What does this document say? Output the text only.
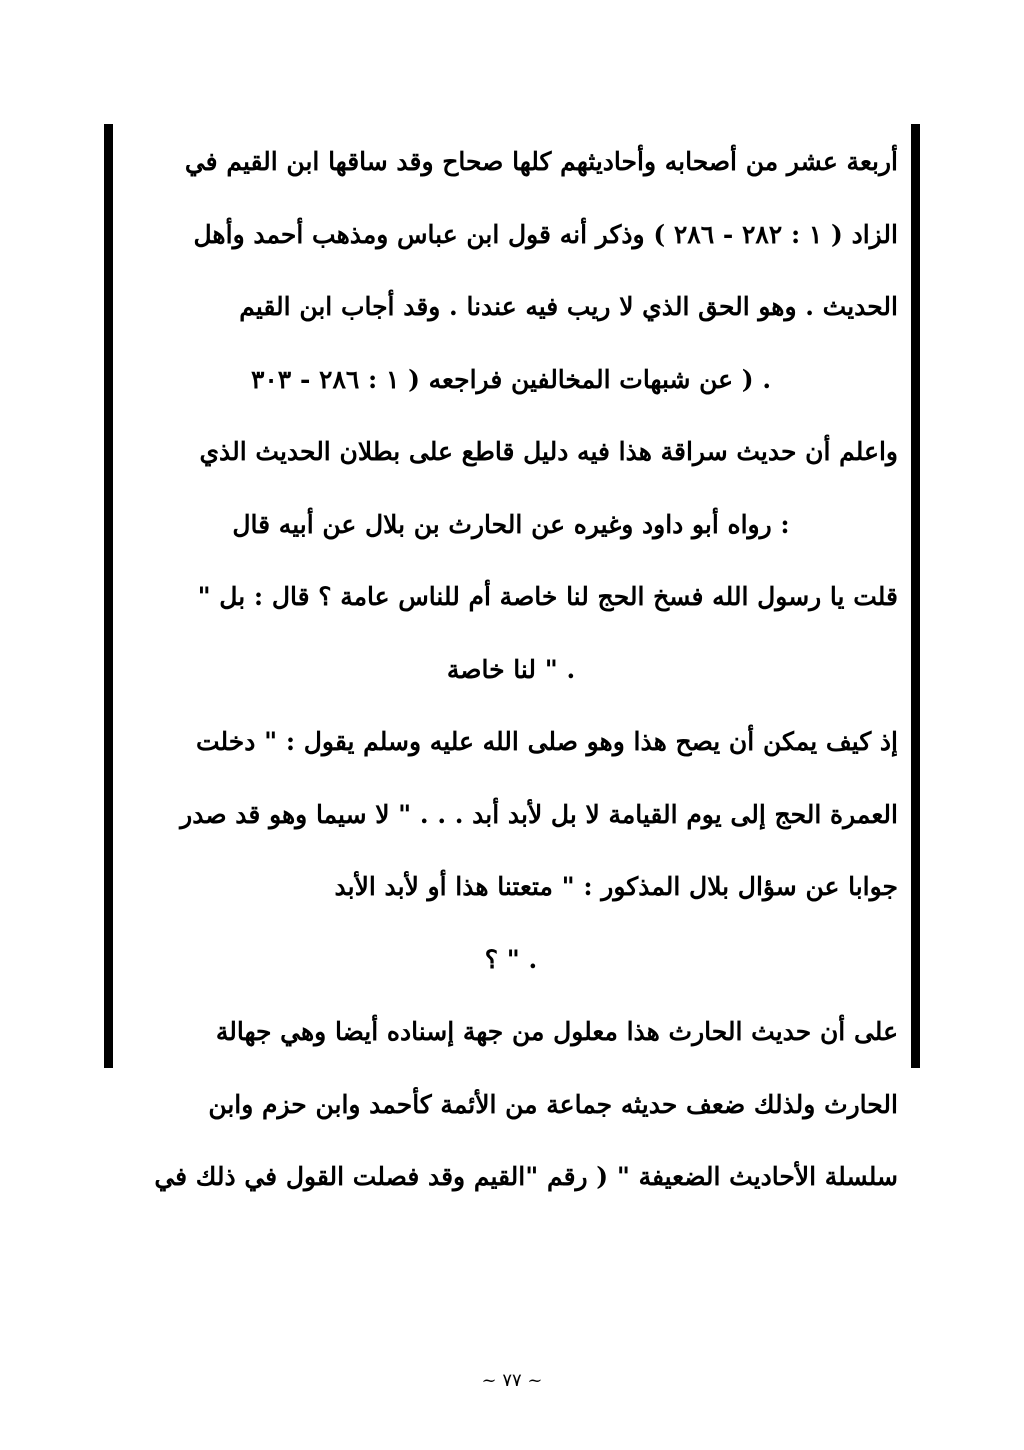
أربعة عشر من أصحابه وأحاديثهم كلها صحاح وقد ساقها ابن القيم في
الزاد ( ١ : ٢٨٢ - ٢٨٦ ) وذكر أنه قول ابن عباس ومذهب أحمد وأهل
الحديث . وهو الحق الذي لا ريب فيه عندنا . وقد أجاب ابن القيم
. ( عن شبهات المخالفين فراجعه ( ١ : ٢٨٦ - ٣٠٣
واعلم أن حديث سراقة هذا فيه دليل قاطع على بطلان الحديث الذي
: رواه أبو داود وغيره عن الحارث بن بلال عن أبيه قال
قلت يا رسول الله فسخ الحج لنا خاصة أم للناس عامة ؟ قال : بل "
. " لنا خاصة
إذ كيف يمكن أن يصح هذا وهو صلى الله عليه وسلم يقول : " دخلت
العمرة الحج إلى يوم القيامة لا بل لأبد أبد . . . " لا سيما وهو قد صدر
جوابا عن سؤال بلال المذكور : " متعتنا هذا أو لأبد الأبد
. " ؟
على أن حديث الحارث هذا معلول من جهة إسناده أيضا وهي جهالة
الحارث ولذلك ضعف حديثه جماعة من الأئمة كأحمد وابن حزم وابن
سلسلة الأحاديث الضعيفة " ( رقم "القيم وقد فصلت القول في ذلك في
~ ٧٧ ~
